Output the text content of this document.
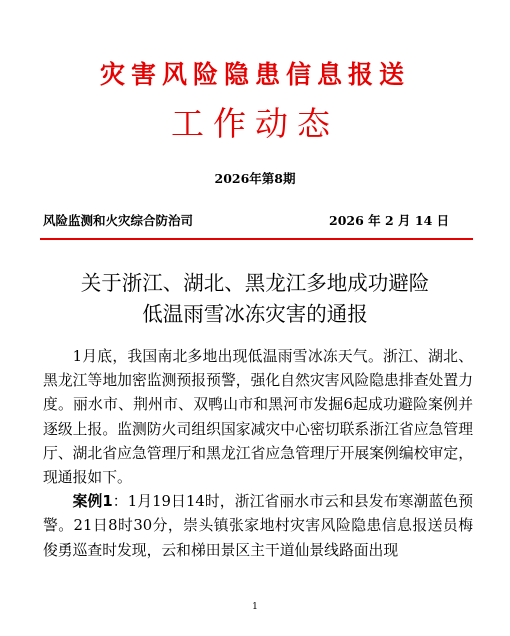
灾害风险隐患信息报送
工作动态
2026年第8期
风险监测和火灾综合防治司	2026 年 2 月 14 日
关于浙江、湖北、黑龙江多地成功避险
低温雨雪冰冻灾害的通报

1月底，我国南北多地出现低温雨雪冰冻天气。浙江、湖北、黑龙江等地加密监测预报预警，强化自然灾害风险隐患排查处置力度。丽水市、荆州市、双鸭山市和黑河市发掘6起成功避险案例并逐级上报。监测防火司组织国家减灾中心密切联系浙江省应急管理厅、湖北省应急管理厅和黑龙江省应急管理厅开展案例编校审定，现通报如下。

案例1：1月19日14时，浙江省丽水市云和县发布寒潮蓝色预警。21日8时30分，崇头镇张家地村灾害风险隐患信息报送员梅俊勇巡查时发现，云和梯田景区主干道仙景线路面出现

1
